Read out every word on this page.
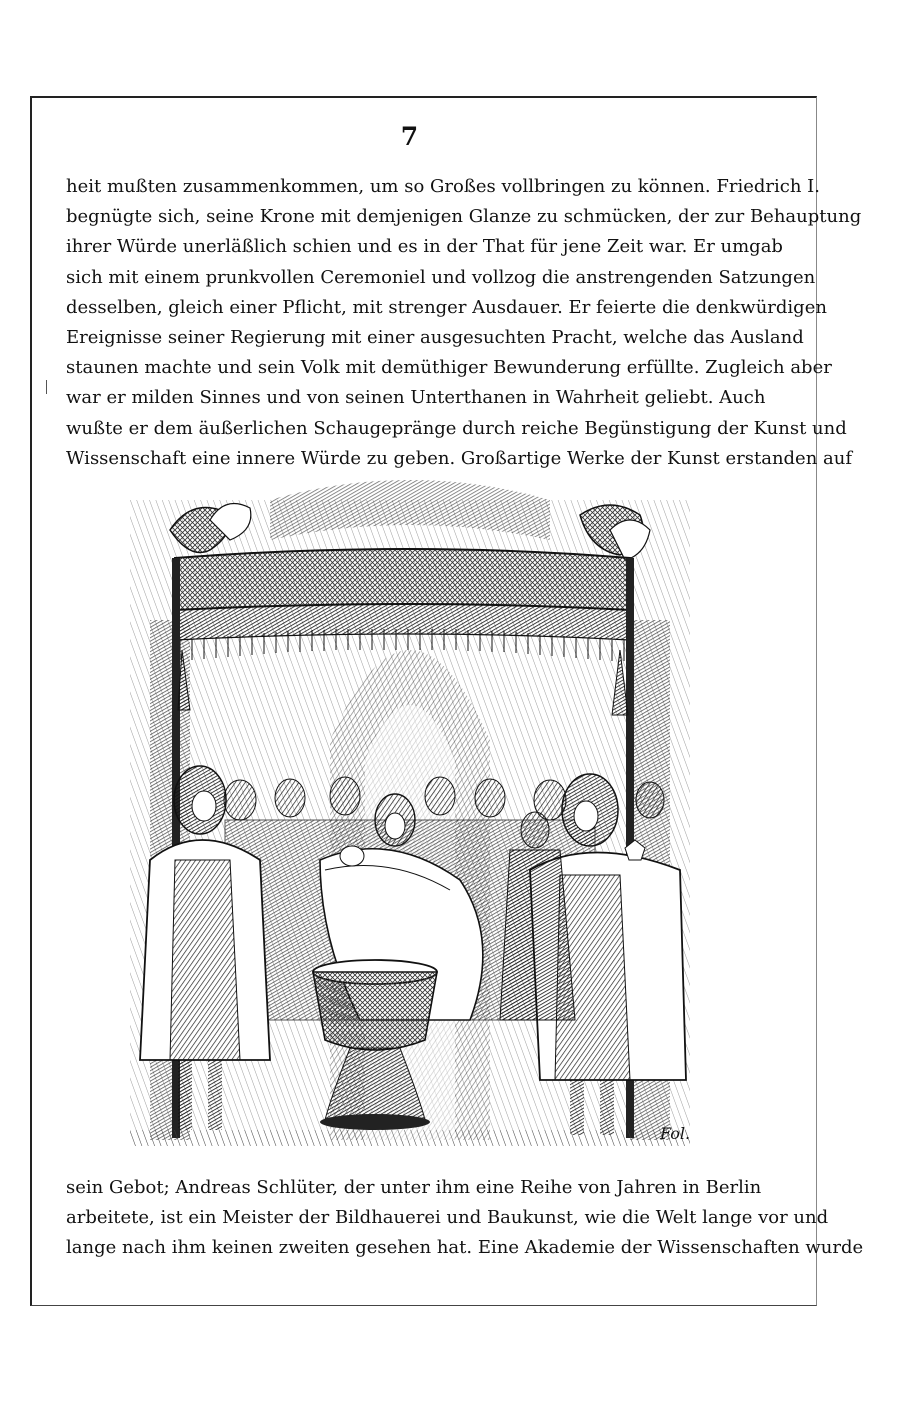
7
heit mußten zusammenkommen, um so Großes vollbringen zu können. Friedrich I.
begnügte sich, seine Krone mit demjenigen Glanze zu schmücken, der zur Behauptung
ihrer Würde unerläßlich schien und es in der That für jene Zeit war. Er umgab
sich mit einem prunkvollen Ceremoniel und vollzog die anstrengenden Satzungen
desselben, gleich einer Pflicht, mit strenger Ausdauer. Er feierte die denkwürdigen
Ereignisse seiner Regierung mit einer ausgesuchten Pracht, welche das Ausland
staunen machte und sein Volk mit demüthiger Bewunderung erfüllte. Zugleich aber
war er milden Sinnes und von seinen Unterthanen in Wahrheit geliebt. Auch
wußte er dem äußerlichen Schaugepränge durch reiche Begünstigung der Kunst und
Wissenschaft eine innere Würde zu geben. Großartige Werke der Kunst erstanden auf
Fol.
sein Gebot; Andreas Schlüter, der unter ihm eine Reihe von Jahren in Berlin
arbeitete, ist ein Meister der Bildhauerei und Baukunst, wie die Welt lange vor und
lange nach ihm keinen zweiten gesehen hat. Eine Akademie der Wissenschaften wurde
